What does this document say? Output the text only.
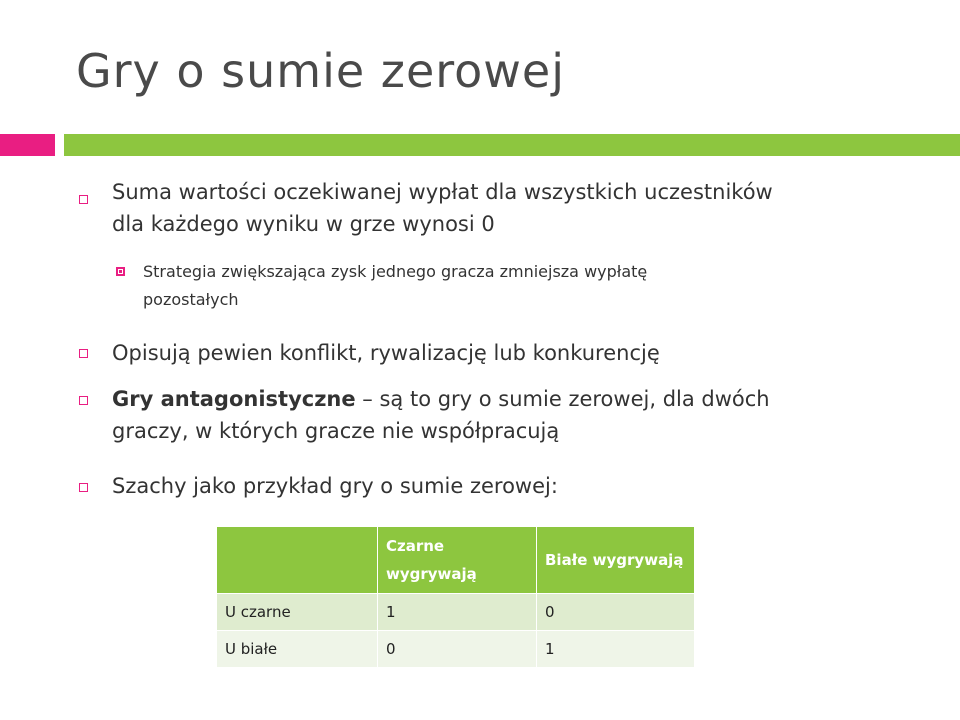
Gry o sumie zerowej
Suma wartości oczekiwanej wypłat dla wszystkich uczestników
dla każdego wyniku w grze wynosi 0
Strategia zwiększająca zysk jednego gracza zmniejsza wypłatę
pozostałych
Opisują pewien konflikt, rywalizację lub konkurencję
Gry antagonistyczne – są to gry o sumie zerowej, dla dwóch
graczy, w których gracze nie współpracują
Szachy jako przykład gry o sumie zerowej:
	Czarne wygrywają	Białe wygrywają
U czarne	1	0
U białe	0	1
